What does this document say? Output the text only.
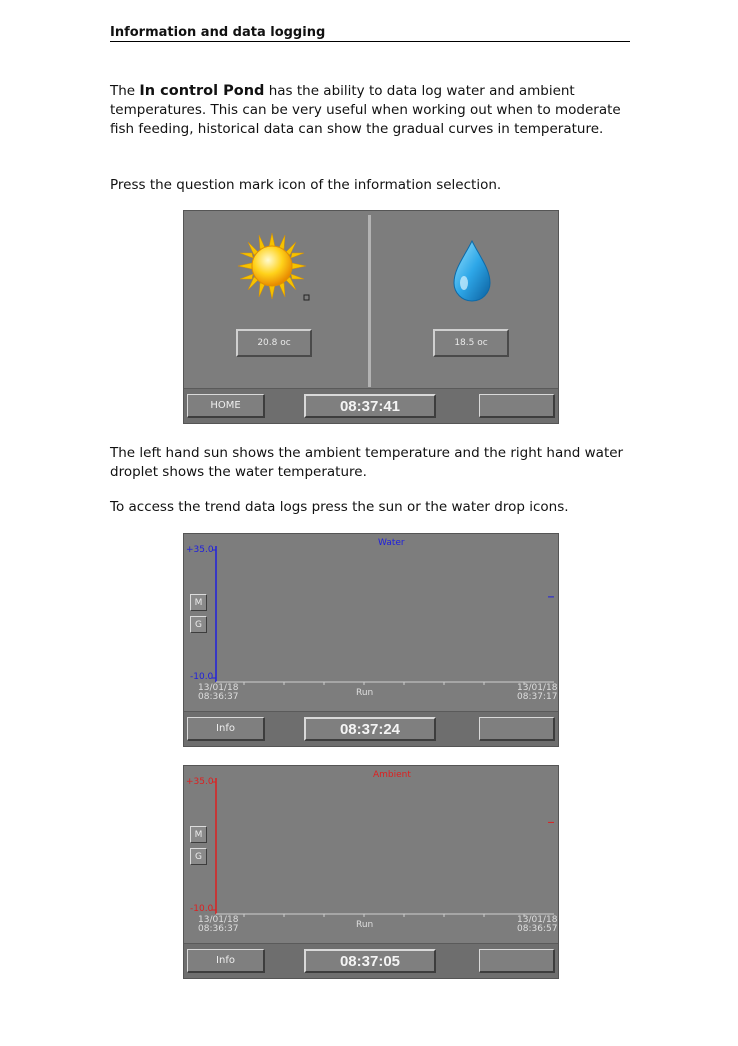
Information and data logging

The In control Pond has the ability to data log water and ambient temperatures. This can be very useful when working out when to moderate fish feeding, historical data can show the gradual curves in temperature.

Press the question mark icon of the information selection.

20.8 oc	18.5 oc
HOME	08:37:41

The left hand sun shows the ambient temperature and the right hand water droplet shows the water temperature.

To access the trend data logs press the sun or the water drop icons.

+35.0
-10.0
Water
M
G
13/01/18
08:36:37	Run	13/01/18
08:37:17
Info	08:37:24
+35.0
-10.0
Ambient
M
G
13/01/18
08:36:37	Run	13/01/18
08:36:57
Info	08:37:05
